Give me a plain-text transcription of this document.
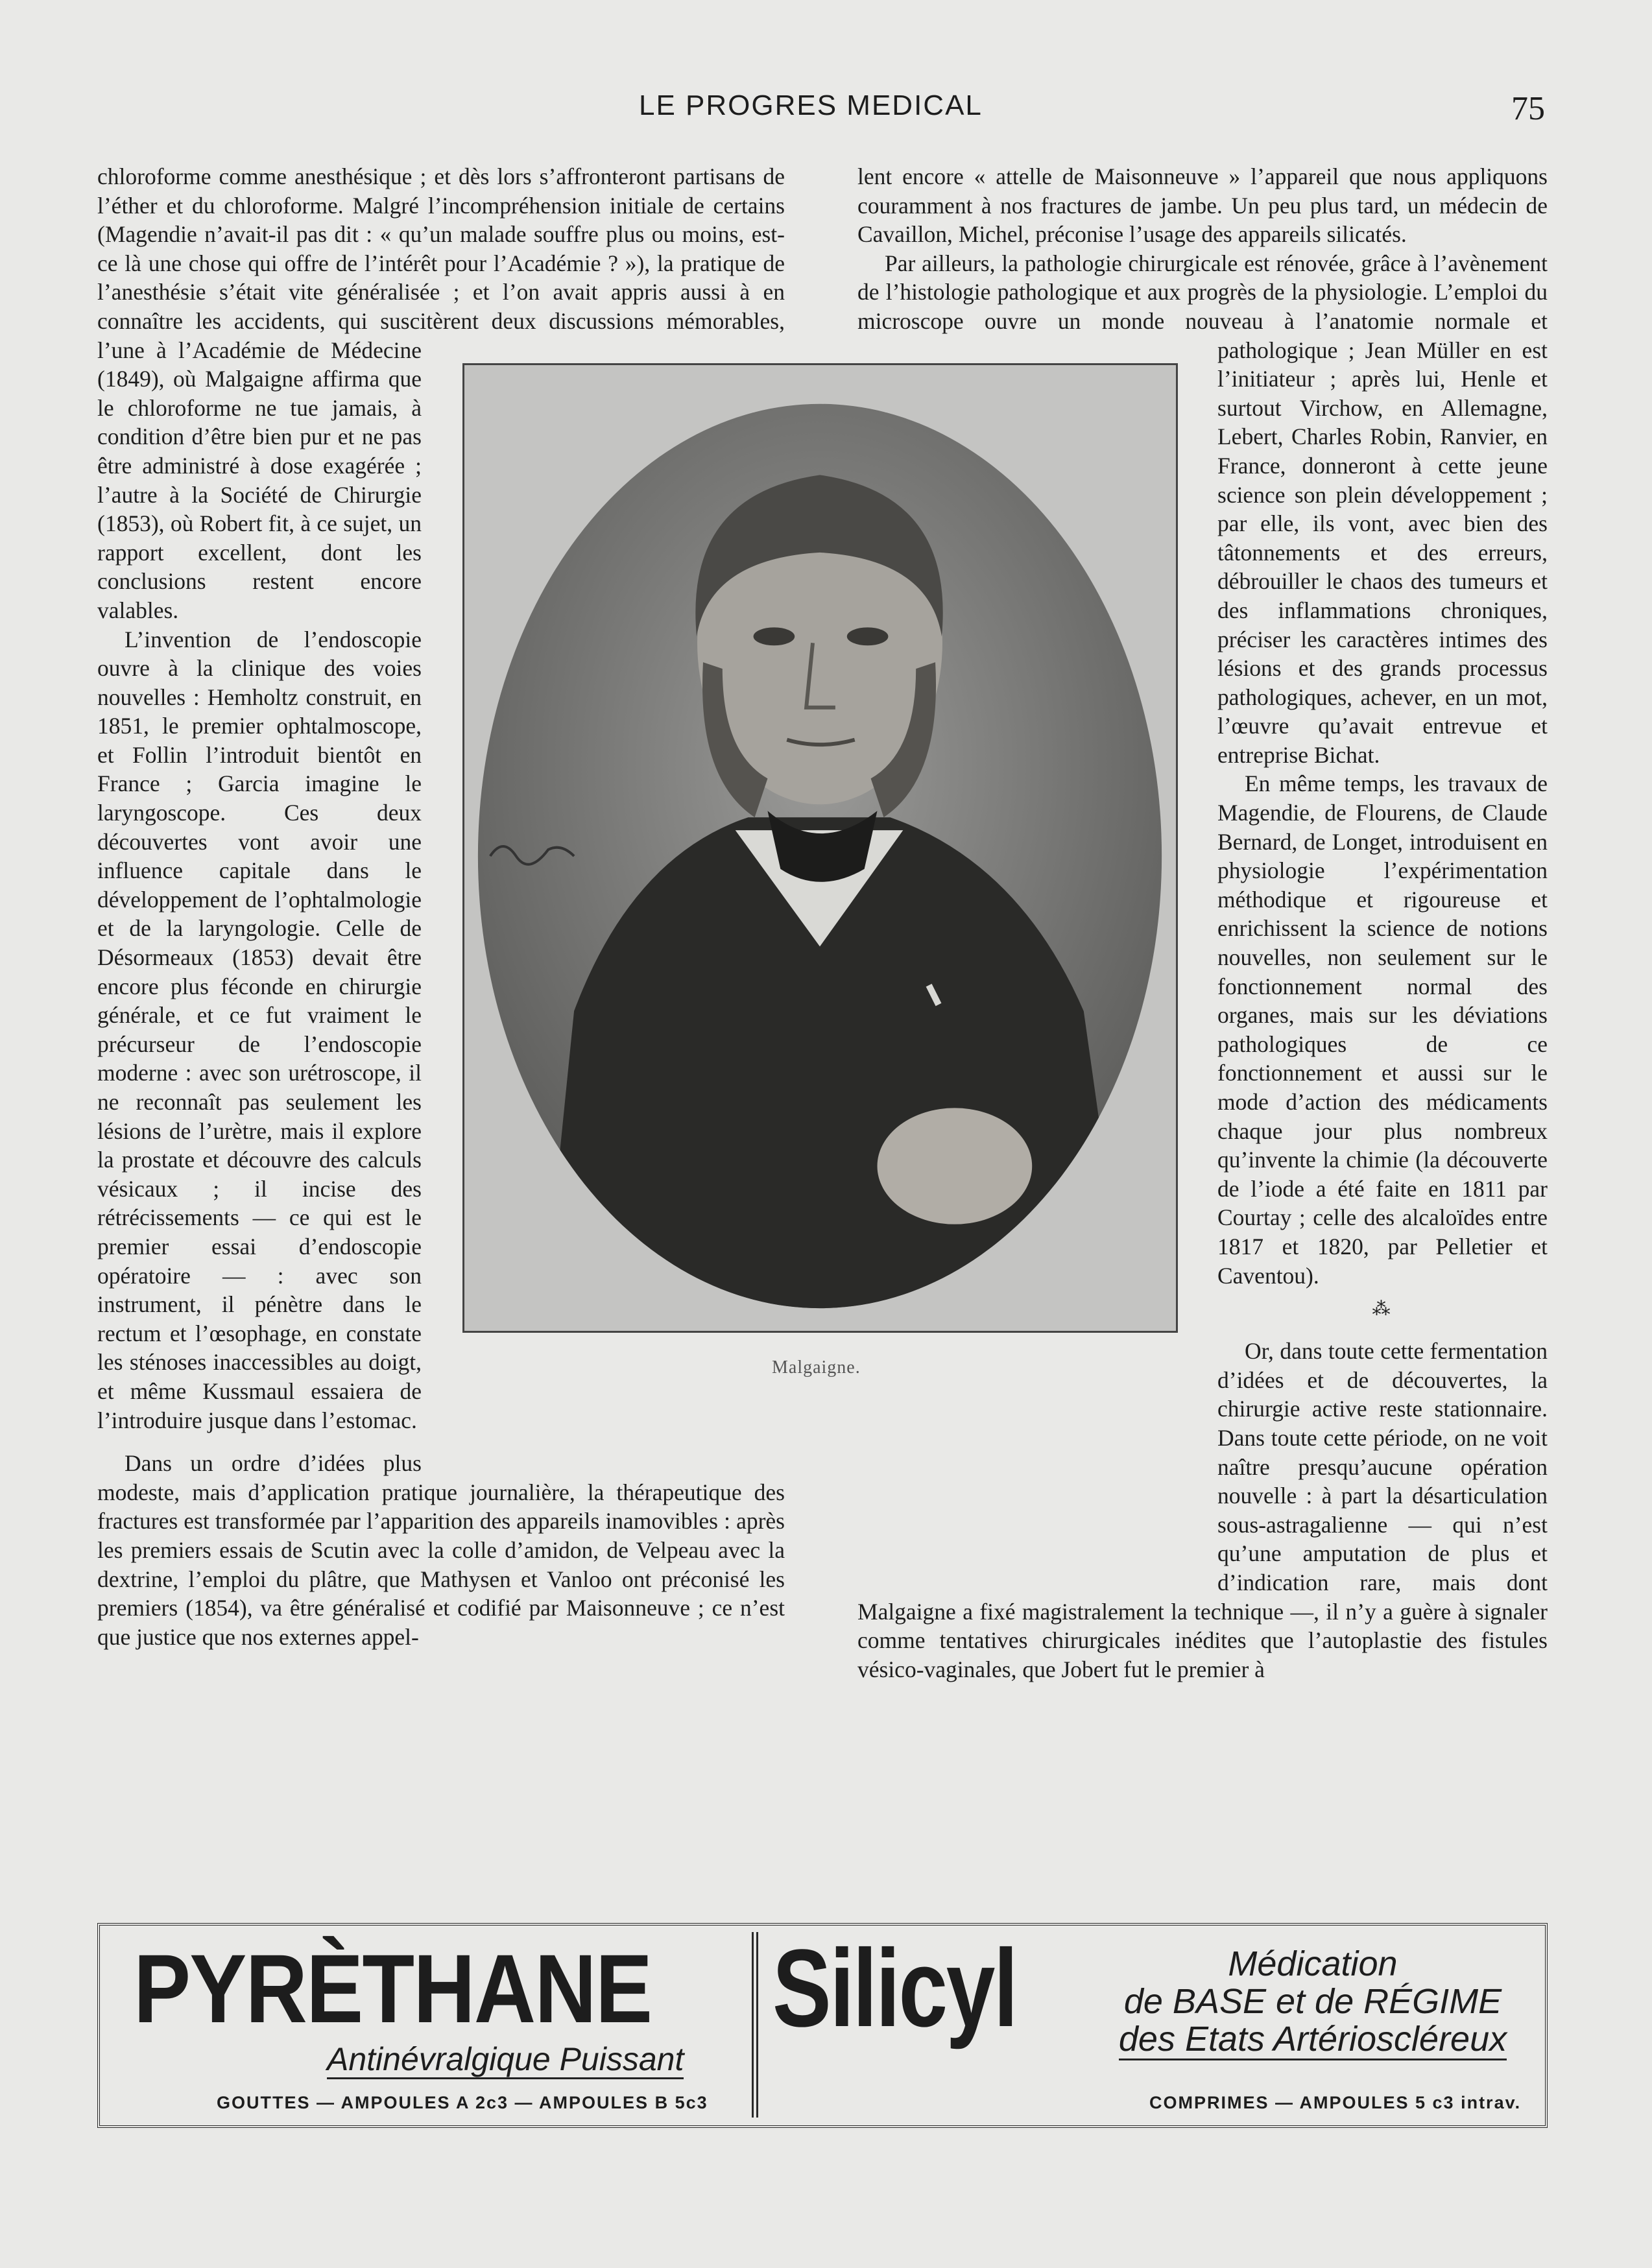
LE PROGRES MEDICAL	75

chloroforme comme anesthésique ; et dès lors s’affronteront partisans de l’éther et du chloroforme. Malgré l’incompréhension initiale de certains (Magendie n’avait-il pas dit : « qu’un malade souffre plus ou moins, est-ce là une chose qui offre de l’intérêt pour l’Académie ? »), la pratique de l’anesthésie s’était vite généralisée ; et l’on avait appris aussi à en connaître les accidents, qui suscitèrent deux discussions mémorables, l’une à l’Académie de Médecine (1849), où Malgaigne affirma que le chloroforme ne tue jamais, à condition d’être bien pur et ne pas être administré à dose exagérée ; l’autre à la Société de Chirurgie (1853), où Robert fit, à ce sujet, un rapport excellent, dont les conclusions restent encore valables.

L’invention de l’endoscopie ouvre à la clinique des voies nouvelles : Hemholtz construit, en 1851, le premier ophtalmoscope, et Follin l’introduit bientôt en France ; Garcia imagine le laryngoscope. Ces deux découvertes vont avoir une influence capitale dans le développement de l’ophtalmologie et de la laryngologie. Celle de Désormeaux (1853) devait être encore plus féconde en chirurgie générale, et ce fut vraiment le précurseur de l’endoscopie moderne : avec son urétroscope, il ne reconnaît pas seulement les lésions de l’urètre, mais il explore la prostate et découvre des calculs vésicaux ; il incise des rétrécissements — ce qui est le premier essai d’endoscopie opératoire — : avec son instrument, il pénètre dans le rectum et l’œsophage, en constate les sténoses inaccessibles au doigt, et même Kussmaul essaiera de l’introduire jusque dans l’estomac.

Dans un ordre d’idées plus modeste, mais d’application pratique journalière, la thérapeutique des fractures est transformée par l’apparition des appareils inamovibles : après les premiers essais de Scutin avec la colle d’amidon, de Velpeau avec la dextrine, l’emploi du plâtre, que Mathysen et Vanloo ont préconisé les premiers (1854), va être généralisé et codifié par Maisonneuve ; ce n’est que justice que nos externes appel-

lent encore « attelle de Maisonneuve » l’appareil que nous appliquons couramment à nos fractures de jambe. Un peu plus tard, un médecin de Cavaillon, Michel, préconise l’usage des appareils silicatés.

Par ailleurs, la pathologie chirurgicale est rénovée, grâce à l’avènement de l’histologie pathologique et aux progrès de la physiologie. L’emploi du microscope ouvre un monde nouveau à l’anatomie normale et pathologique ; Jean Müller en est l’initiateur ; après lui, Henle et surtout Virchow, en Allemagne, Lebert, Charles Robin, Ranvier, en France, donneront à cette jeune science son plein développement ; par elle, ils vont, avec bien des tâtonnements et des erreurs, débrouiller le chaos des tumeurs et des inflammations chroniques, préciser les caractères intimes des lésions et des grands processus pathologiques, achever, en un mot, l’œuvre qu’avait entrevue et entreprise Bichat.

En même temps, les travaux de Magendie, de Flourens, de Claude Bernard, de Longet, introduisent en physiologie l’expérimentation méthodique et rigoureuse et enrichissent la science de notions nouvelles, non seulement sur le fonctionnement normal des organes, mais sur les déviations pathologiques de ce fonctionnement et aussi sur le mode d’action des médicaments chaque jour plus nombreux qu’invente la chimie (la découverte de l’iode a été faite en 1811 par Courtay ; celle des alcaloïdes entre 1817 et 1820, par Pelletier et Caventou).

⁂

Or, dans toute cette fermentation d’idées et de découvertes, la chirurgie active reste stationnaire. Dans toute cette période, on ne voit naître presqu’aucune opération nouvelle : à part la désarticulation sous-astragalienne — qui n’est qu’une amputation de plus et d’indication rare, mais dont Malgaigne a fixé magistralement la technique —, il n’y a guère à signaler comme tentatives chirurgicales inédites que l’autoplastie des fistules vésico-vaginales, que Jobert fut le premier à

Malgaigne.
PYRÈTHANE
Antinévralgique Puissant
GOUTTES — AMPOULES A 2c3 — AMPOULES B 5c3
Silicyl	Médication
de BASE et de RÉGIME
des Etats Artérioscléreux
COMPRIMES — AMPOULES 5 c3 intrav.
